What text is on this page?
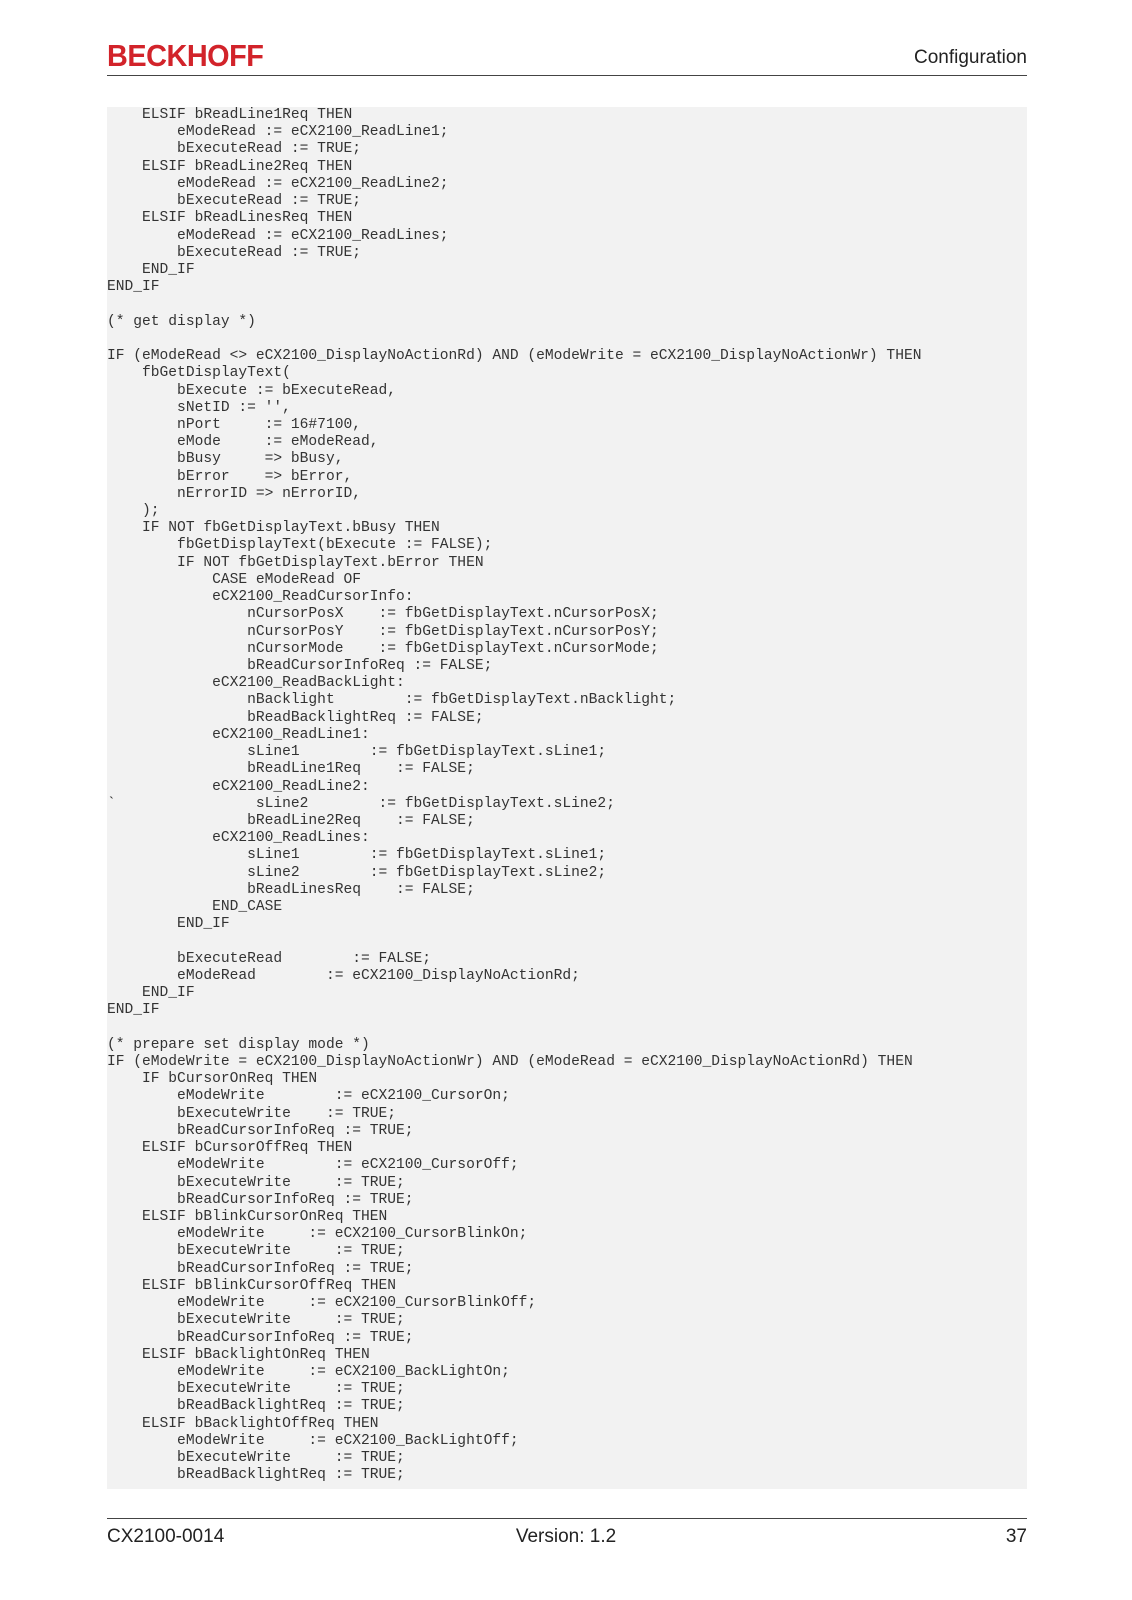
BECKHOFF	Configuration
ELSIF bReadLine1Req THEN
eModeRead := eCX2100_ReadLine1;
bExecuteRead := TRUE;
ELSIF bReadLine2Req THEN
eModeRead := eCX2100_ReadLine2;
bExecuteRead := TRUE;
ELSIF bReadLinesReq THEN
eModeRead := eCX2100_ReadLines;
bExecuteRead := TRUE;
END_IF
END_IF

(* get display *)

IF (eModeRead <> eCX2100_DisplayNoActionRd) AND (eModeWrite = eCX2100_DisplayNoActionWr) THEN
fbGetDisplayText(
bExecute := bExecuteRead,
sNetID := '',
nPort     := 16#7100,
eMode     := eModeRead,
bBusy     => bBusy,
bError    => bError,
nErrorID => nErrorID,
);
IF NOT fbGetDisplayText.bBusy THEN
fbGetDisplayText(bExecute := FALSE);
IF NOT fbGetDisplayText.bError THEN
CASE eModeRead OF
eCX2100_ReadCursorInfo:
nCursorPosX    := fbGetDisplayText.nCursorPosX;
nCursorPosY    := fbGetDisplayText.nCursorPosY;
nCursorMode    := fbGetDisplayText.nCursorMode;
bReadCursorInfoReq := FALSE;
eCX2100_ReadBackLight:
nBacklight        := fbGetDisplayText.nBacklight;
bReadBacklightReq := FALSE;
eCX2100_ReadLine1:
sLine1        := fbGetDisplayText.sLine1;
bReadLine1Req    := FALSE;
eCX2100_ReadLine2:
`                sLine2        := fbGetDisplayText.sLine2;
bReadLine2Req    := FALSE;
eCX2100_ReadLines:
sLine1        := fbGetDisplayText.sLine1;
sLine2        := fbGetDisplayText.sLine2;
bReadLinesReq    := FALSE;
END_CASE
END_IF

bExecuteRead        := FALSE;
eModeRead        := eCX2100_DisplayNoActionRd;
END_IF
END_IF

(* prepare set display mode *)
IF (eModeWrite = eCX2100_DisplayNoActionWr) AND (eModeRead = eCX2100_DisplayNoActionRd) THEN
IF bCursorOnReq THEN
eModeWrite        := eCX2100_CursorOn;
bExecuteWrite    := TRUE;
bReadCursorInfoReq := TRUE;
ELSIF bCursorOffReq THEN
eModeWrite        := eCX2100_CursorOff;
bExecuteWrite     := TRUE;
bReadCursorInfoReq := TRUE;
ELSIF bBlinkCursorOnReq THEN
eModeWrite     := eCX2100_CursorBlinkOn;
bExecuteWrite     := TRUE;
bReadCursorInfoReq := TRUE;
ELSIF bBlinkCursorOffReq THEN
eModeWrite     := eCX2100_CursorBlinkOff;
bExecuteWrite     := TRUE;
bReadCursorInfoReq := TRUE;
ELSIF bBacklightOnReq THEN
eModeWrite     := eCX2100_BackLightOn;
bExecuteWrite     := TRUE;
bReadBacklightReq := TRUE;
ELSIF bBacklightOffReq THEN
eModeWrite     := eCX2100_BackLightOff;
bExecuteWrite     := TRUE;
bReadBacklightReq := TRUE;
CX2100-0014	Version: 1.2	37
